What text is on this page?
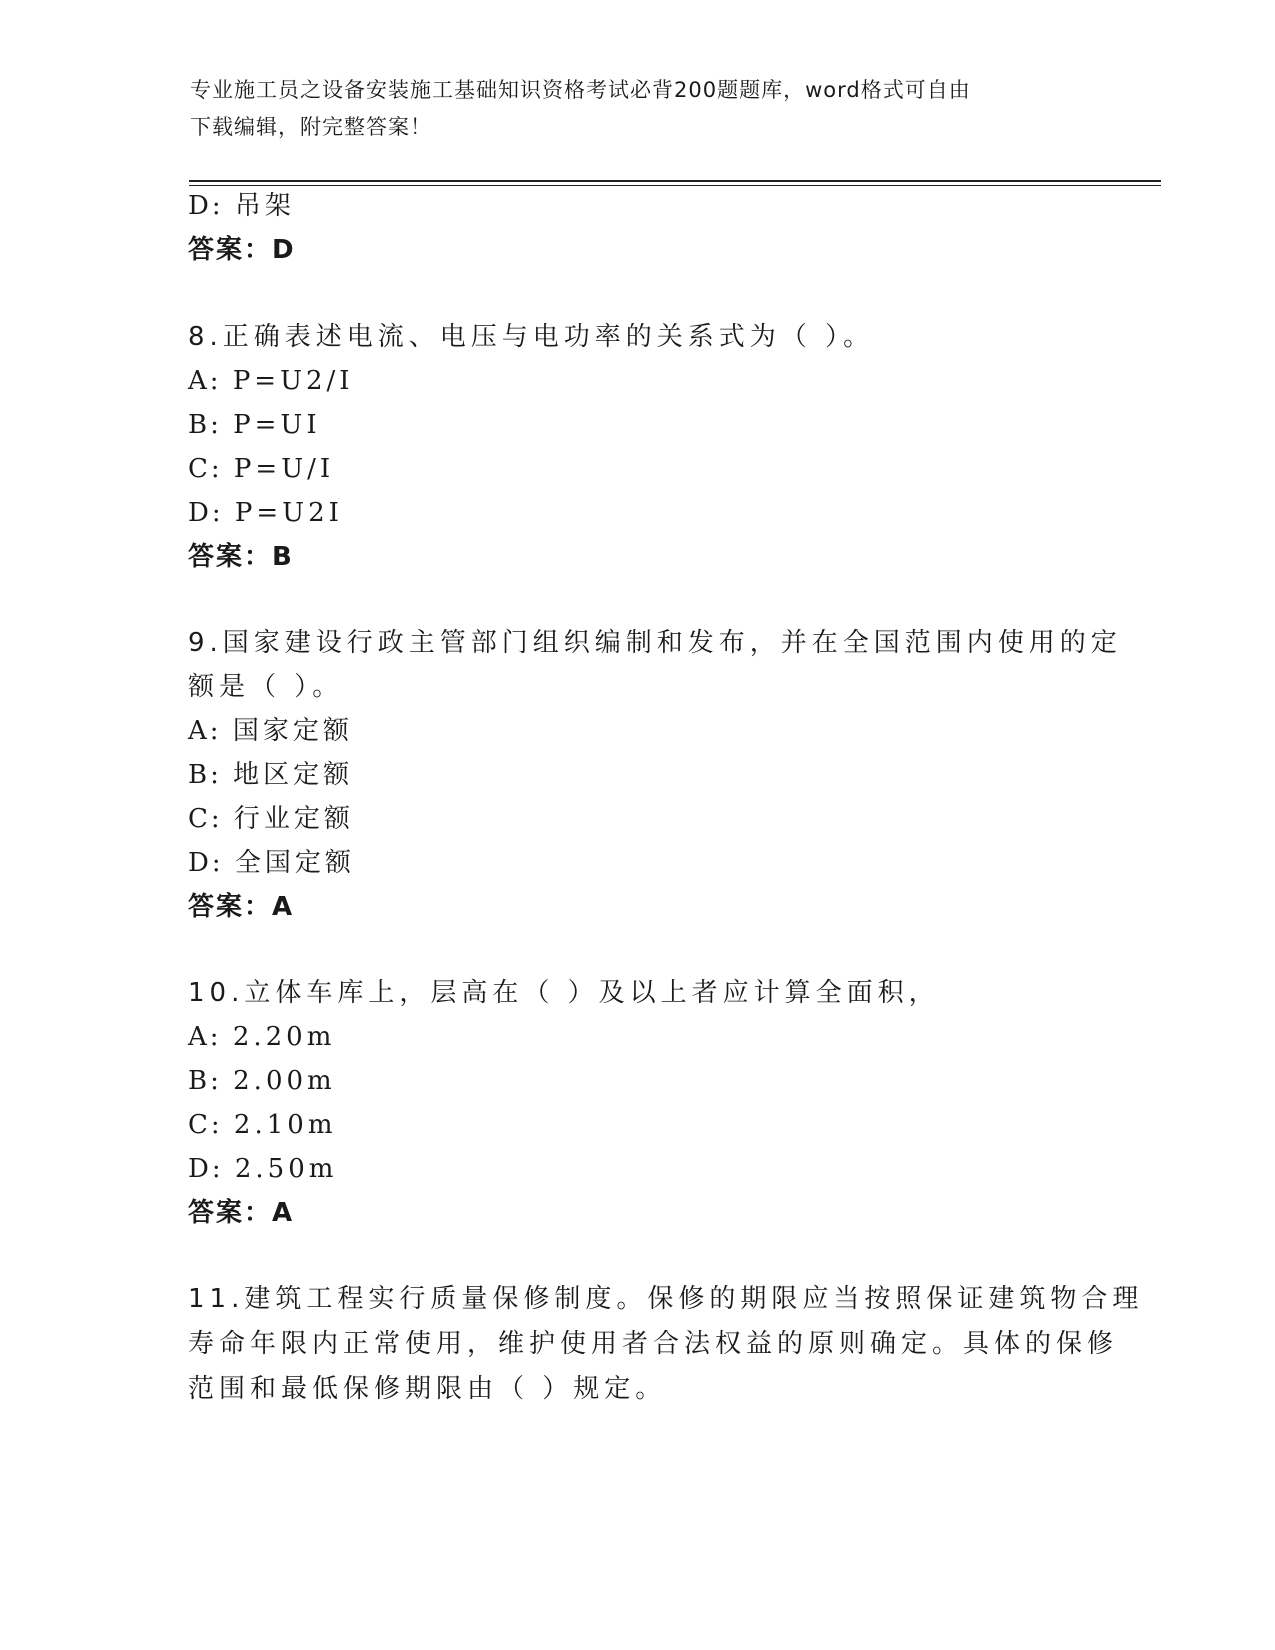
专业施工员之设备安装施工基础知识资格考试必背200题题库，word格式可自由
下载编辑，附完整答案！
D: 吊架
答案：D
8.正确表述电流、电压与电功率的关系式为（ ）。
A: P=U2/I
B: P=UI
C: P=U/I
D: P=U2I
答案：B
9.国家建设行政主管部门组织编制和发布，并在全国范围内使用的定
额是（ ）。
A: 国家定额
B: 地区定额
C: 行业定额
D: 全国定额
答案：A
10.立体车库上，层高在（ ）及以上者应计算全面积，
A: 2.20m
B: 2.00m
C: 2.10m
D: 2.50m
答案：A
11.建筑工程实行质量保修制度。保修的期限应当按照保证建筑物合理
寿命年限内正常使用，维护使用者合法权益的原则确定。具体的保修
范围和最低保修期限由（ ）规定。
